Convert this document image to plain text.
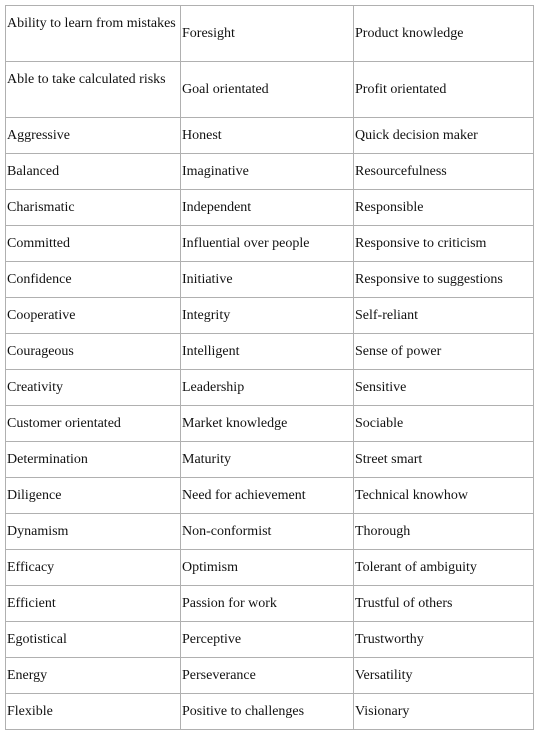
Ability to learn from mistakes	Foresight	Product knowledge
Able to take calculated risks	Goal orientated	Profit orientated
Aggressive	Honest	Quick decision maker
Balanced	Imaginative	Resourcefulness
Charismatic	Independent	Responsible
Committed	Influential over people	Responsive to criticism
Confidence	Initiative	Responsive to suggestions
Cooperative	Integrity	Self-reliant
Courageous	Intelligent	Sense of power
Creativity	Leadership	Sensitive
Customer orientated	Market knowledge	Sociable
Determination	Maturity	Street smart
Diligence	Need for achievement	Technical knowhow
Dynamism	Non-conformist	Thorough
Efficacy	Optimism	Tolerant of ambiguity
Efficient	Passion for work	Trustful of others
Egotistical	Perceptive	Trustworthy
Energy	Perseverance	Versatility
Flexible	Positive to challenges	Visionary
